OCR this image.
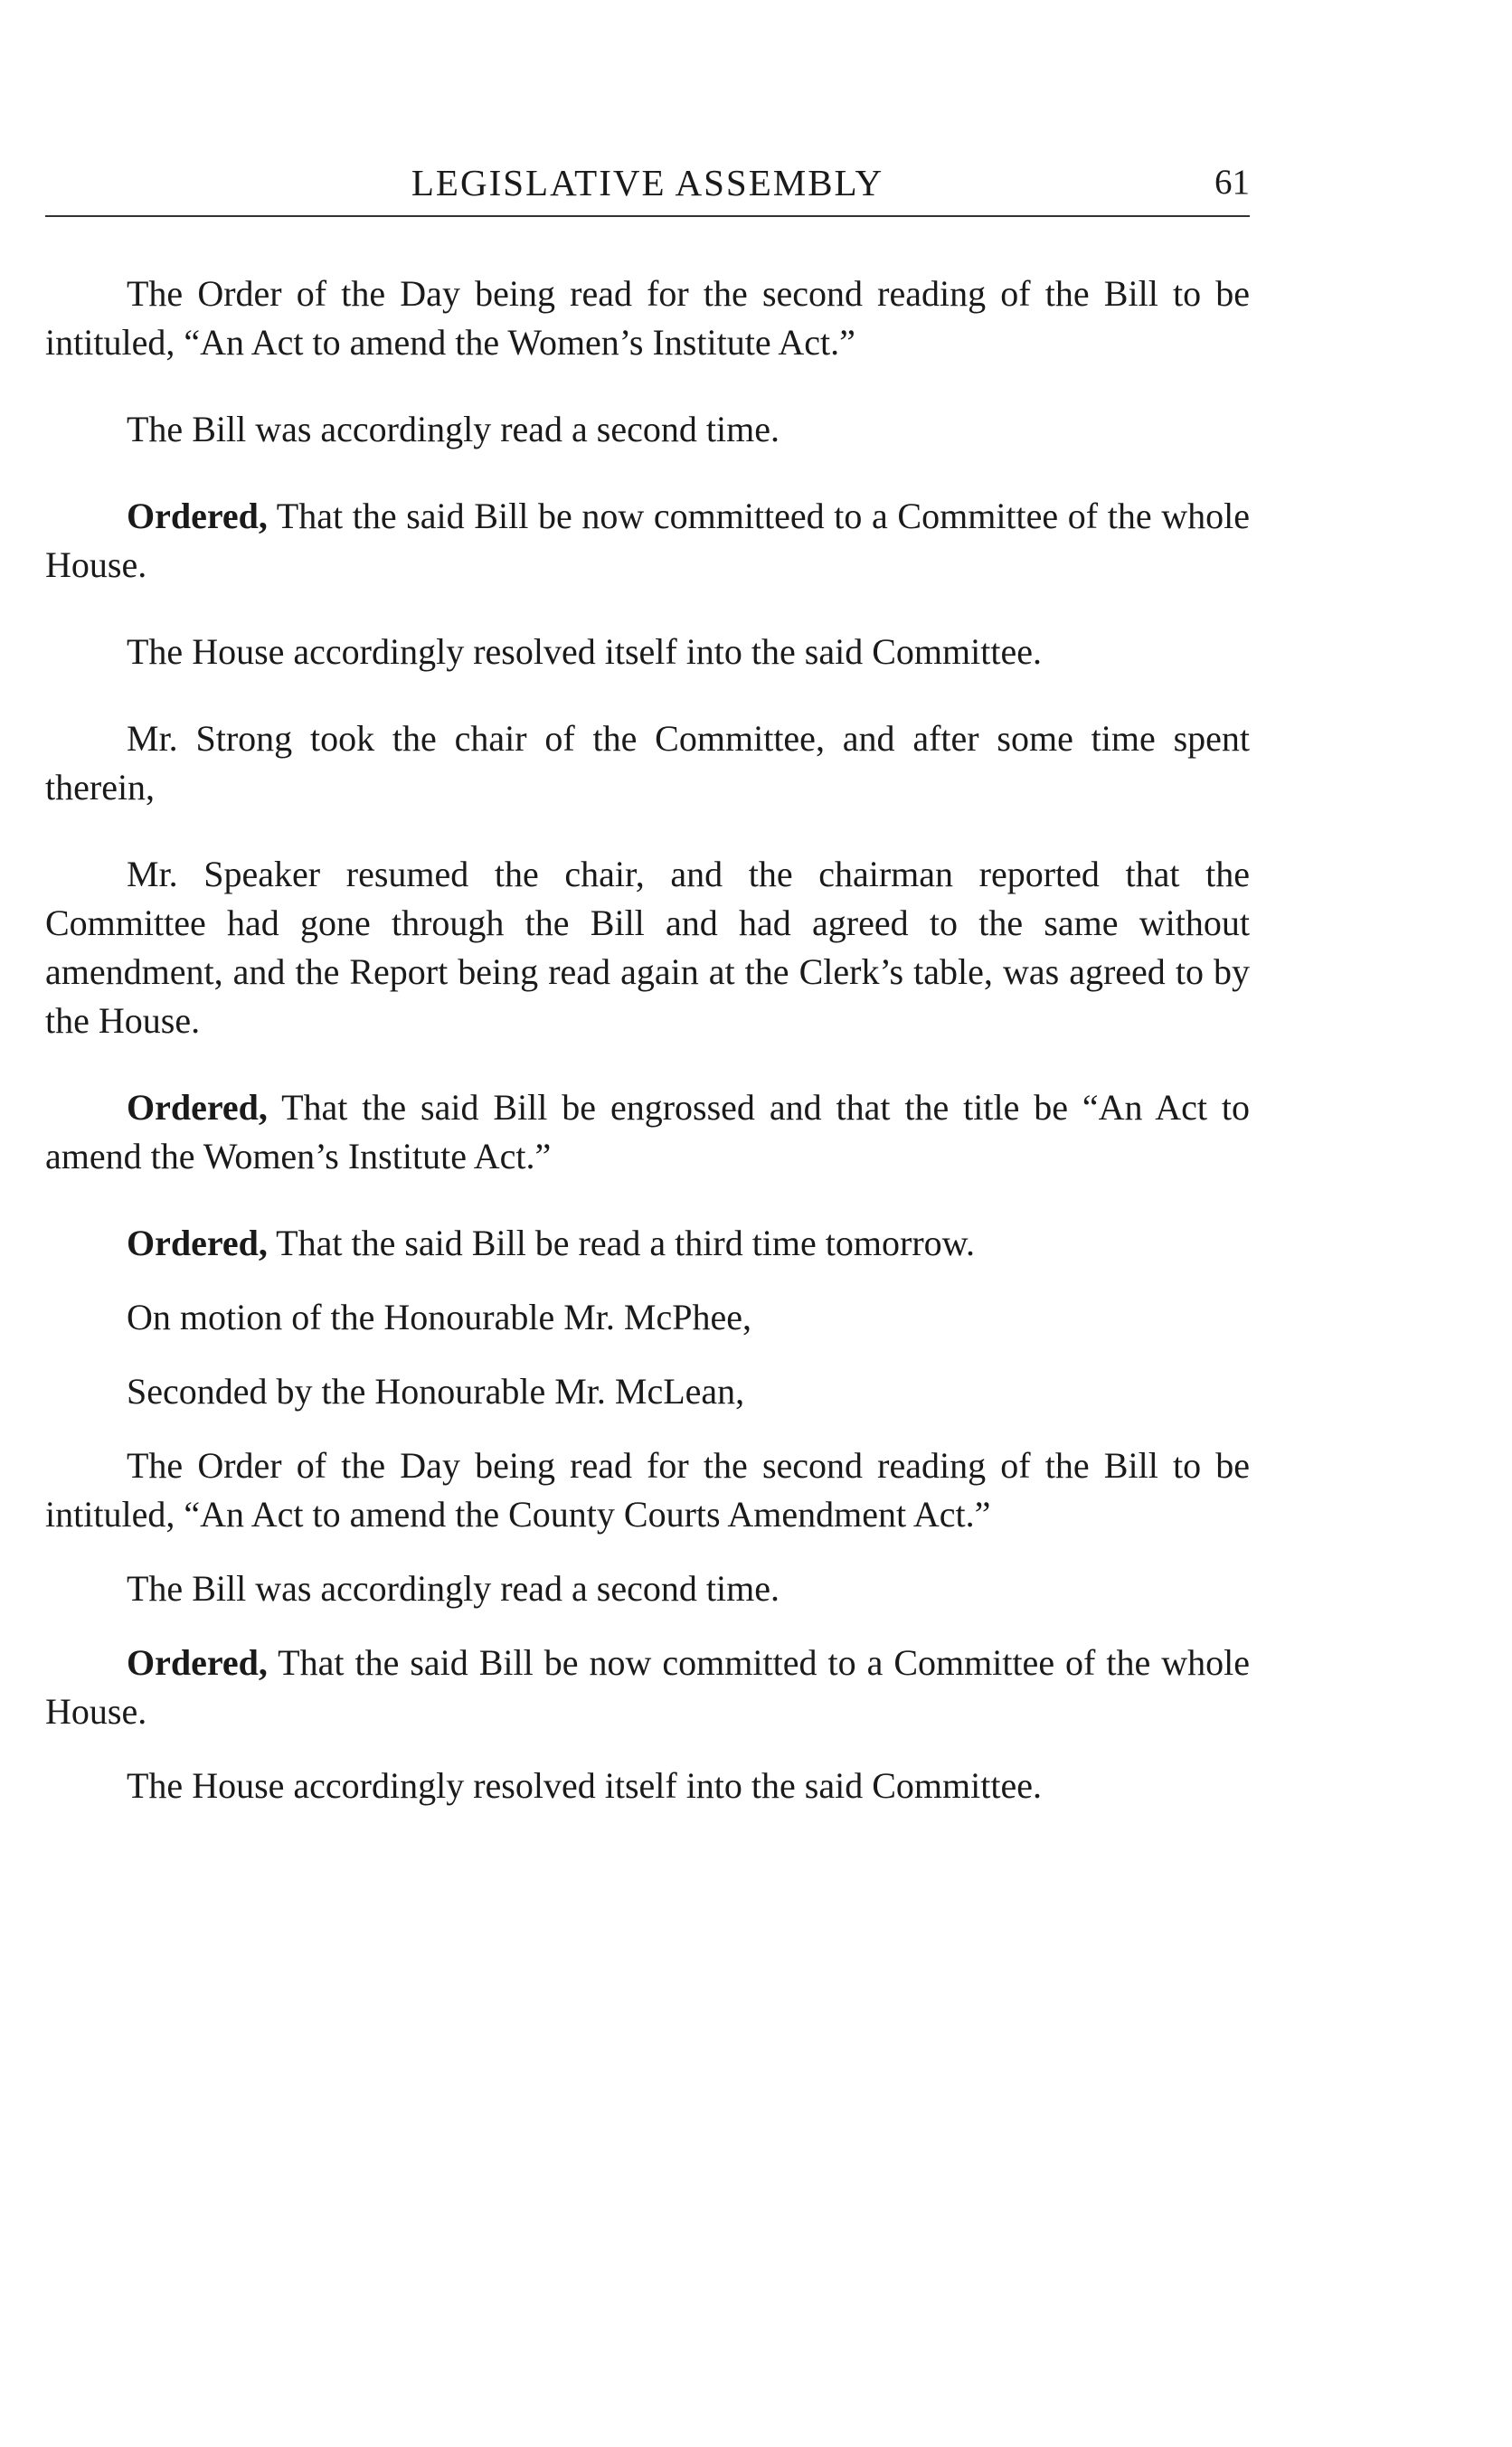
LEGISLATIVE ASSEMBLY	61

The Order of the Day being read for the second reading of the Bill to be intituled, “An Act to amend the Women’s Institute Act.”

The Bill was accordingly read a second time.

Ordered, That the said Bill be now committeed to a Committee of the whole House.

The House accordingly resolved itself into the said Committee.

Mr. Strong took the chair of the Committee, and after some time spent therein,

Mr. Speaker resumed the chair, and the chairman reported that the Committee had gone through the Bill and had agreed to the same without amendment, and the Report being read again at the Clerk’s table, was agreed to by the House.

Ordered, That the said Bill be engrossed and that the title be “An Act to amend the Women’s Institute Act.”

Ordered, That the said Bill be read a third time tomorrow.

On motion of the Honourable Mr. McPhee,

Seconded by the Honourable Mr. McLean,

The Order of the Day being read for the second reading of the Bill to be intituled, “An Act to amend the County Courts Amendment Act.”

The Bill was accordingly read a second time.

Ordered, That the said Bill be now committed to a Committee of the whole House.

The House accordingly resolved itself into the said Committee.
